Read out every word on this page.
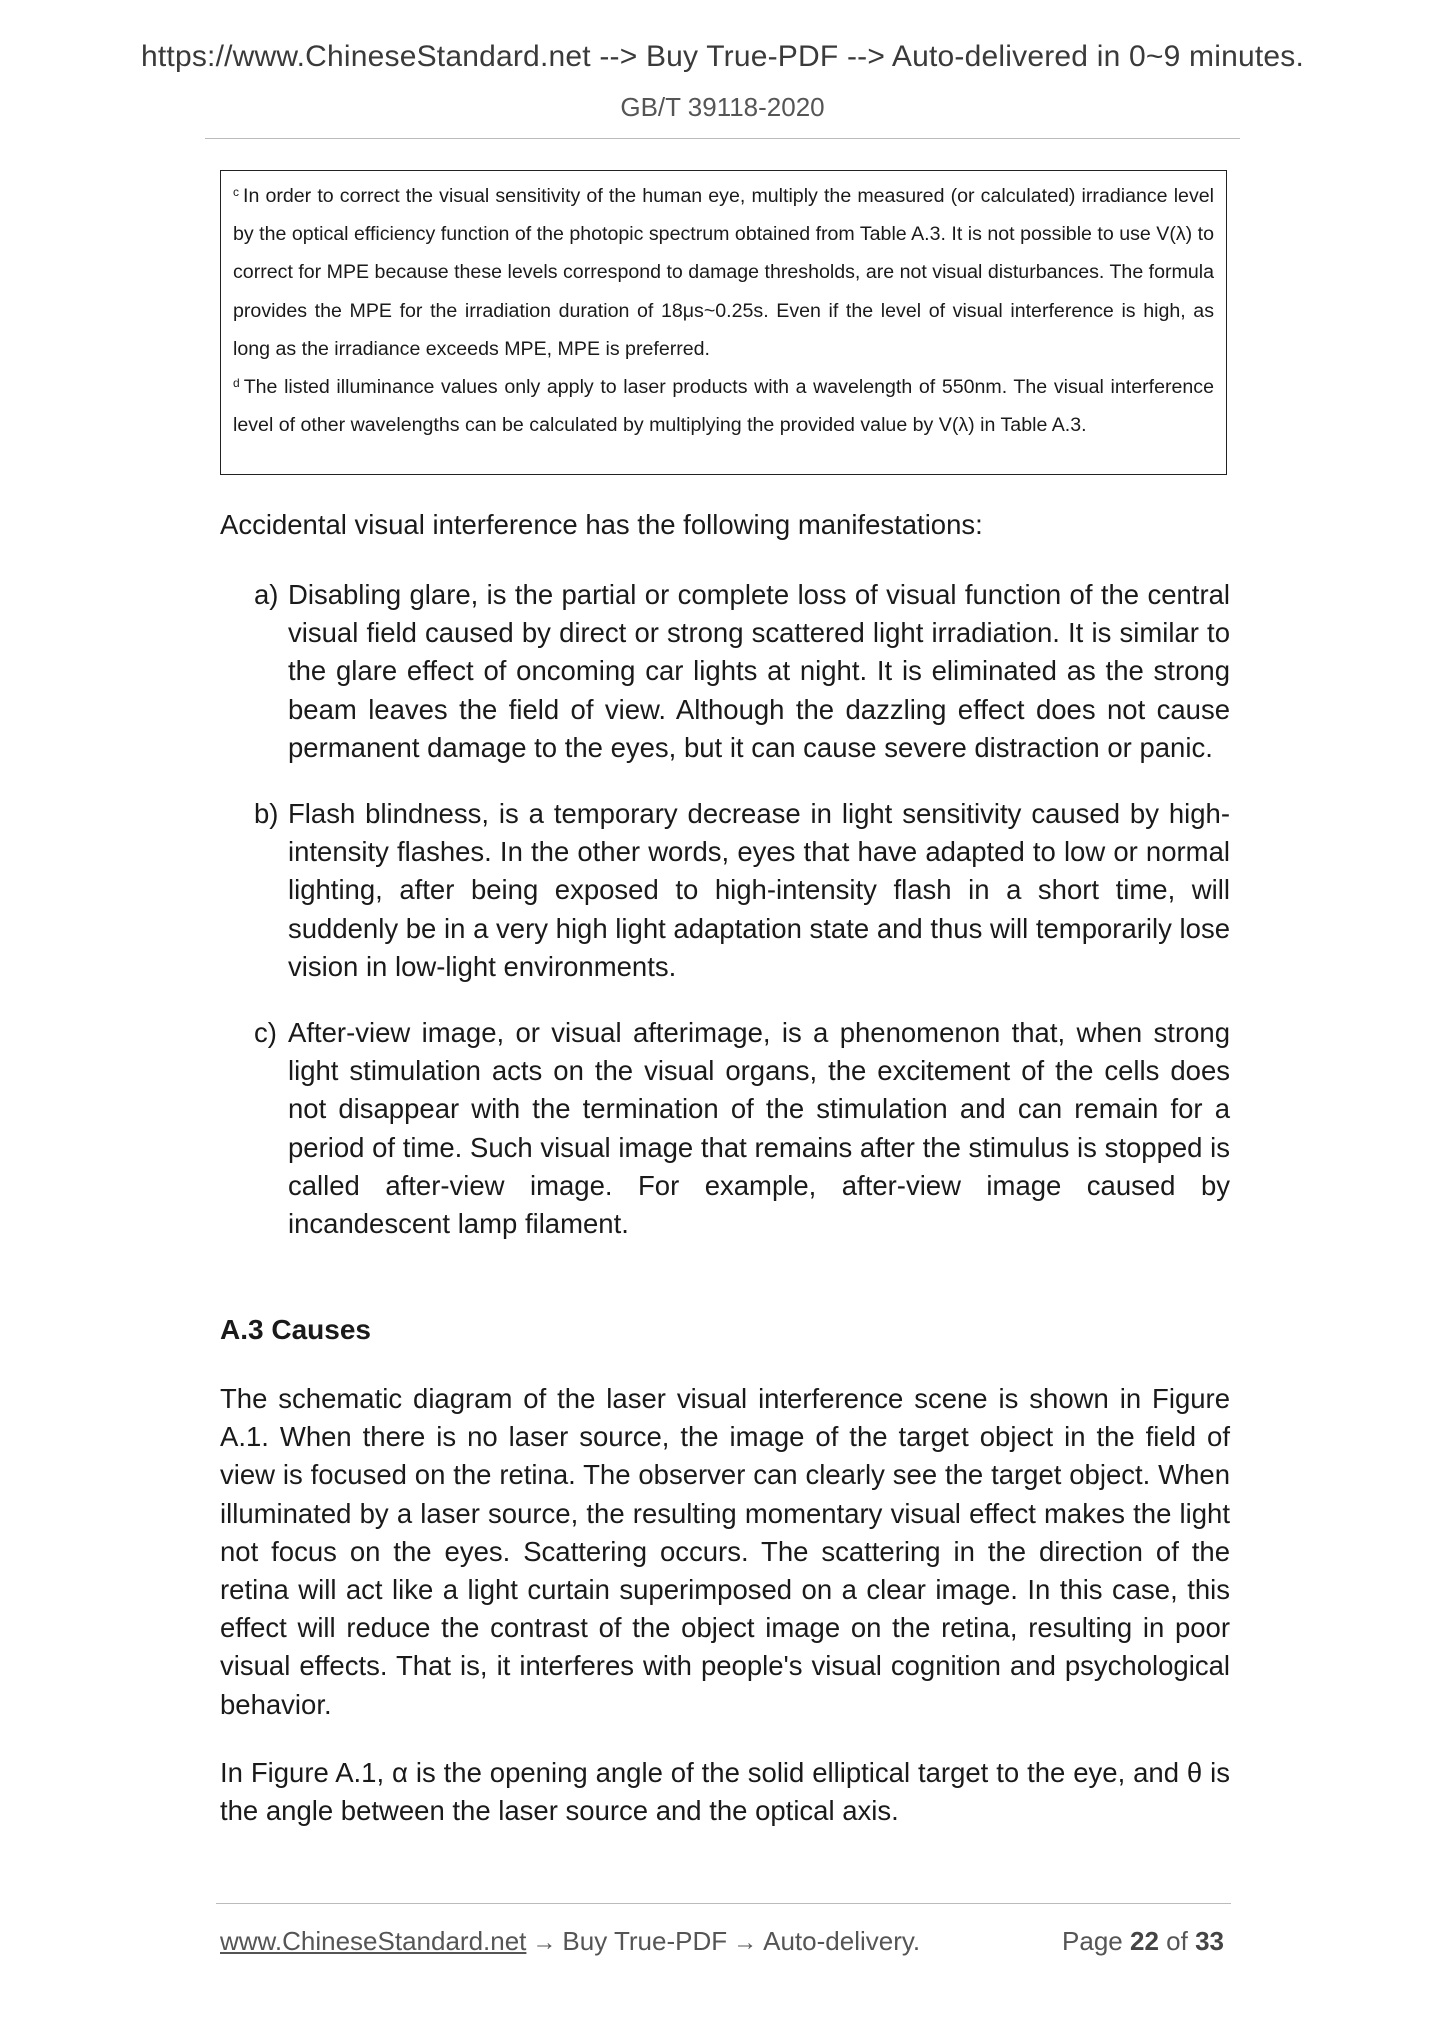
https://www.ChineseStandard.net --> Buy True-PDF --> Auto-delivered in 0~9 minutes.
GB/T 39118-2020

$^c$ In order to correct the visual sensitivity of the human eye, multiply the measured (or calculated) irradiance level by the optical efficiency function of the photopic spectrum obtained from Table A.3. It is not possible to use V(λ) to correct for MPE because these levels correspond to damage thresholds, are not visual disturbances. The formula provides the MPE for the irradiation duration of 18μs~0.25s. Even if the level of visual interference is high, as long as the irradiance exceeds MPE, MPE is preferred.

$^d$ The listed illuminance values only apply to laser products with a wavelength of 550nm. The visual interference level of other wavelengths can be calculated by multiplying the provided value by V(λ) in Table A.3.

Accidental visual interference has the following manifestations:

a) Disabling glare, is the partial or complete loss of visual function of the central visual field caused by direct or strong scattered light irradiation. It is similar to the glare effect of oncoming car lights at night. It is eliminated as the strong beam leaves the field of view. Although the dazzling effect does not cause permanent damage to the eyes, but it can cause severe distraction or panic.

b) Flash blindness, is a temporary decrease in light sensitivity caused by high-intensity flashes. In the other words, eyes that have adapted to low or normal lighting, after being exposed to high-intensity flash in a short time, will suddenly be in a very high light adaptation state and thus will temporarily lose vision in low-light environments.

c) After-view image, or visual afterimage, is a phenomenon that, when strong light stimulation acts on the visual organs, the excitement of the cells does not disappear with the termination of the stimulation and can remain for a period of time. Such visual image that remains after the stimulus is stopped is called after-view image. For example, after-view image caused by incandescent lamp filament.

A.3 Causes

The schematic diagram of the laser visual interference scene is shown in Figure A.1. When there is no laser source, the image of the target object in the field of view is focused on the retina. The observer can clearly see the target object. When illuminated by a laser source, the resulting momentary visual effect makes the light not focus on the eyes. Scattering occurs. The scattering in the direction of the retina will act like a light curtain superimposed on a clear image. In this case, this effect will reduce the contrast of the object image on the retina, resulting in poor visual effects. That is, it interferes with people's visual cognition and psychological behavior.

In Figure A.1, α is the opening angle of the solid elliptical target to the eye, and θ is the angle between the laser source and the optical axis.

www.ChineseStandard.net → Buy True-PDF → Auto-delivery.	Page 22 of 33
